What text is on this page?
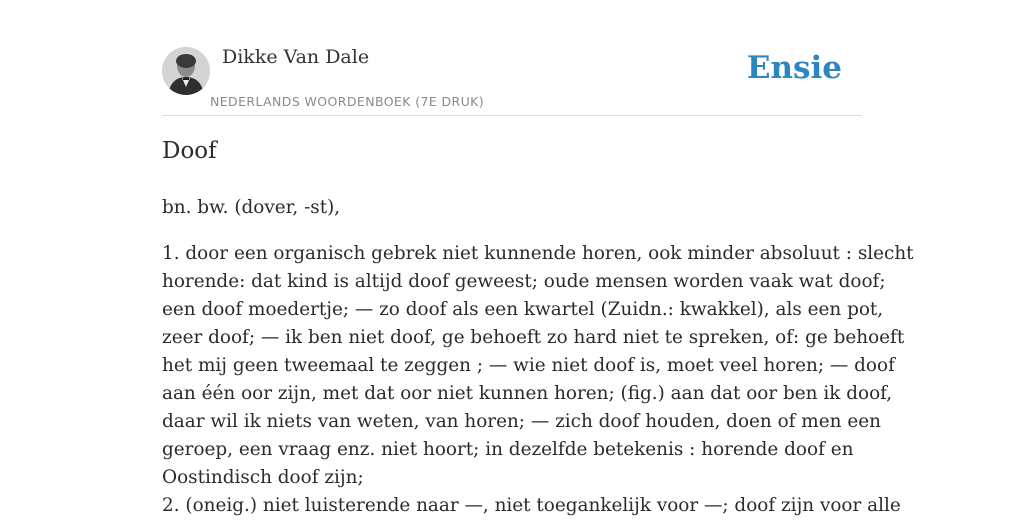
Dikke Van Dale
NEDERLANDS WOORDENBOEK (7E DRUK)
Ensie
Doof
bn. bw. (dover, -st),
1. door een organisch gebrek niet kunnende horen, ook minder absoluut : slecht
horende: dat kind is altijd doof geweest; oude mensen worden vaak wat doof;
een doof moedertje; — zo doof als een kwartel (Zuidn.: kwakkel), als een pot,
zeer doof; — ik ben niet doof, ge behoeft zo hard niet te spreken, of: ge behoeft
het mij geen tweemaal te zeggen ; — wie niet doof is, moet veel horen; — doof
aan één oor zijn, met dat oor niet kunnen horen; (fig.) aan dat oor ben ik doof,
daar wil ik niets van weten, van horen; — zich doof houden, doen of men een
geroep, een vraag enz. niet hoort; in dezelfde betekenis : horende doof en
Oostindisch doof zijn;
2. (oneig.) niet luisterende naar —, niet toegankelijk voor —; doof zijn voor alle
